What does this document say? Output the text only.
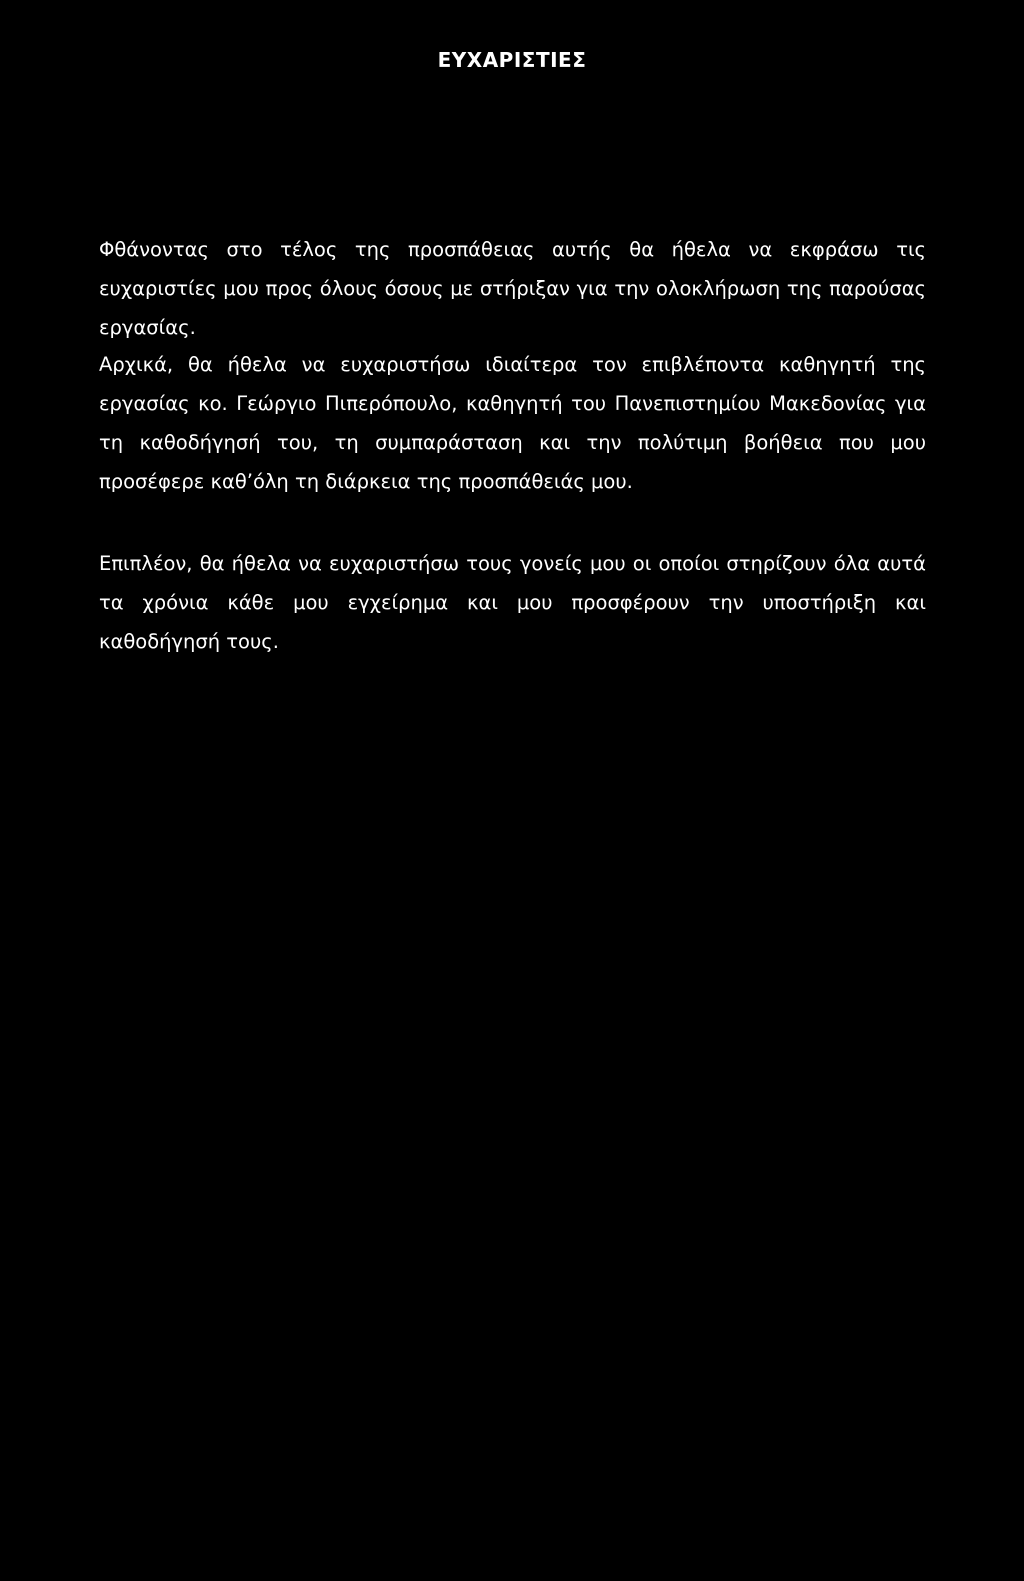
ΕΥΧΑΡΙΣΤΙΕΣ

Φθάνοντας στο τέλος της προσπάθειας αυτής θα ήθελα να εκφράσω τις ευχαριστίες μου προς όλους όσους με στήριξαν για την ολοκλήρωση της παρούσας εργασίας.

Αρχικά, θα ήθελα να ευχαριστήσω ιδιαίτερα τον επιβλέποντα καθηγητή της εργασίας κο. Γεώργιο Πιπερόπουλο, καθηγητή του Πανεπιστημίου Μακεδονίας για τη καθοδήγησή του, τη συμπαράσταση και την πολύτιμη βοήθεια που μου προσέφερε καθ’όλη τη διάρκεια της προσπάθειάς μου.

Επιπλέον, θα ήθελα να ευχαριστήσω τους γονείς μου οι οποίοι στηρίζουν όλα αυτά τα χρόνια κάθε μου εγχείρημα και μου προσφέρουν την υποστήριξη και καθοδήγησή τους.
